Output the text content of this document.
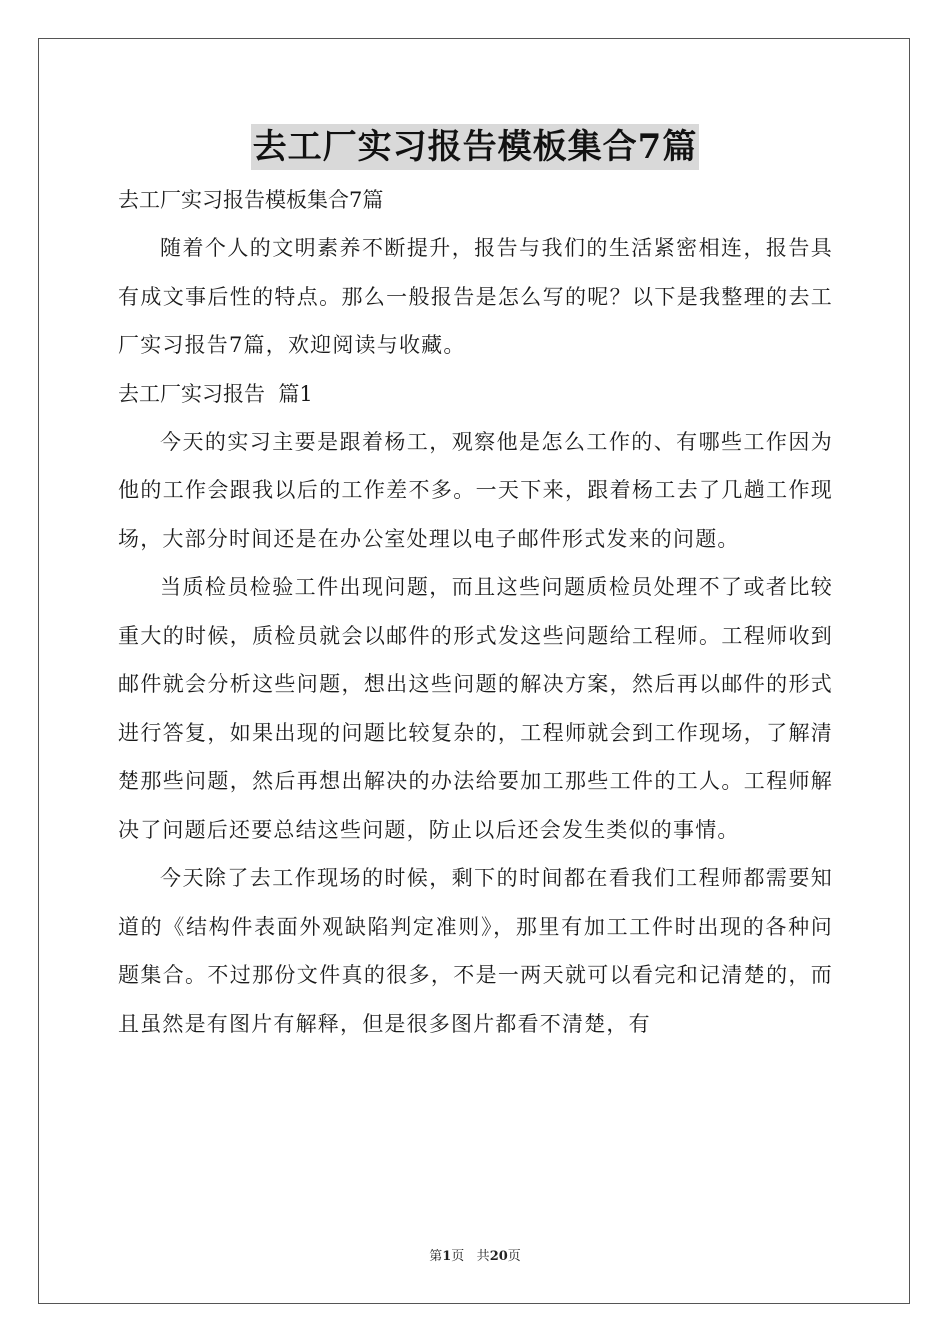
去工厂实习报告模板集合7篇

去工厂实习报告模板集合7篇

随着个人的文明素养不断提升，报告与我们的生活紧密相连，报告具有成文事后性的特点。那么一般报告是怎么写的呢？以下是我整理的去工厂实习报告7篇，欢迎阅读与收藏。

去工厂实习报告  篇1

今天的实习主要是跟着杨工，观察他是怎么工作的、有哪些工作因为他的工作会跟我以后的工作差不多。一天下来，跟着杨工去了几趟工作现场，大部分时间还是在办公室处理以电子邮件形式发来的问题。

当质检员检验工件出现问题，而且这些问题质检员处理不了或者比较重大的时候，质检员就会以邮件的形式发这些问题给工程师。工程师收到邮件就会分析这些问题，想出这些问题的解决方案，然后再以邮件的形式进行答复，如果出现的问题比较复杂的，工程师就会到工作现场，了解清楚那些问题，然后再想出解决的办法给要加工那些工件的工人。工程师解决了问题后还要总结这些问题，防止以后还会发生类似的事情。

今天除了去工作现场的时候，剩下的时间都在看我们工程师都需要知道的《结构件表面外观缺陷判定准则》，那里有加工工件时出现的各种问题集合。不过那份文件真的很多，不是一两天就可以看完和记清楚的，而且虽然是有图片有解释，但是很多图片都看不清楚，有

第1页 共20页
